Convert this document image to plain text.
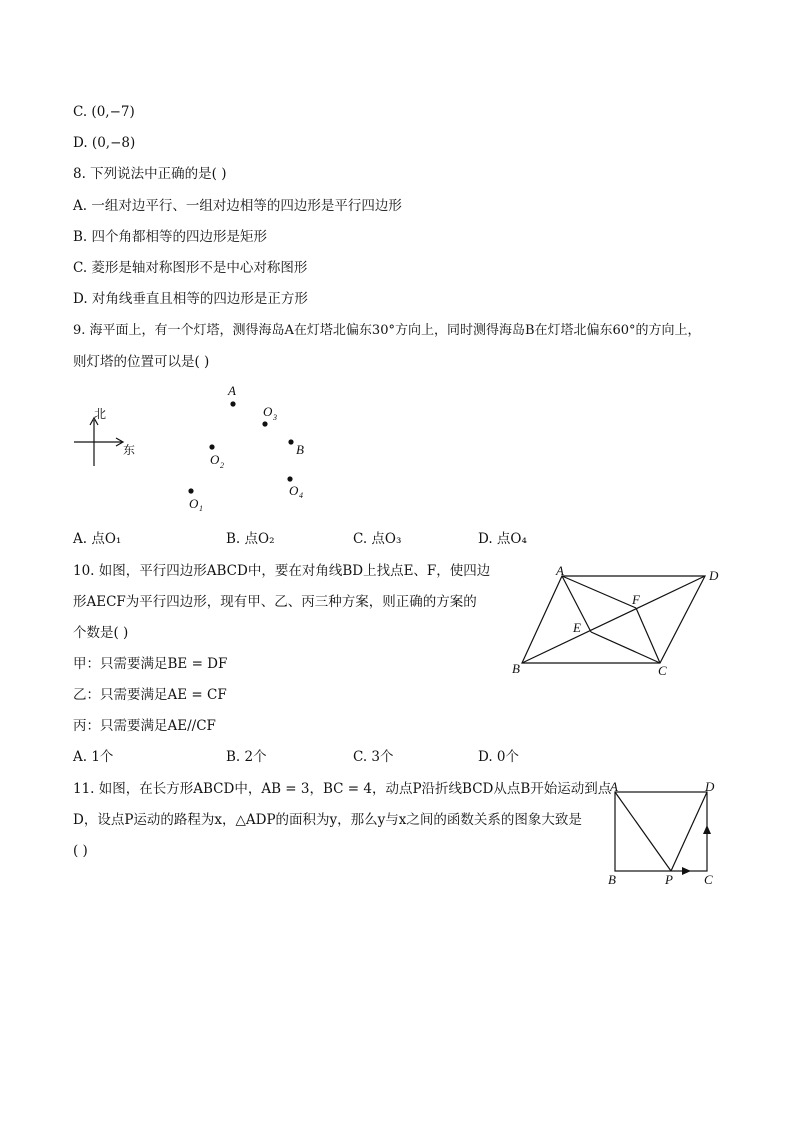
C. (0,−7)
D. (0,−8)
8. 下列说法中正确的是( )
A. 一组对边平行、一组对边相等的四边形是平行四边形
B. 四个角都相等的四边形是矩形
C. 菱形是轴对称图形不是中心对称图形
D. 对角线垂直且相等的四边形是正方形
9. 海平面上，有一个灯塔，测得海岛A在灯塔北偏东30°方向上，同时测得海岛B在灯塔北偏东60°的方向上，
则灯塔的位置可以是( )
北
东
A
O 3
B
O 2
O 4
O 1
A. 点O₁	B. 点O₂	C. 点O₃	D. 点O₄
10. 如图，平行四边形ABCD中，要在对角线BD上找点E、F，使四边
形AECF为平行四边形，现有甲、乙、丙三种方案，则正确的方案的
个数是( )
甲：只需要满足BE = DF
乙：只需要满足AE = CF
丙：只需要满足AE//CF
A	D
B	C
E
F
A. 1个	B. 2个	C. 3个	D. 0个
11. 如图，在长方形ABCD中，AB = 3，BC = 4，动点P沿折线BCD从点B开始运动到点
D，设点P运动的路程为x，△ADP的面积为y，那么y与x之间的函数关系的图象大致是
( )
A	D
B	P C
